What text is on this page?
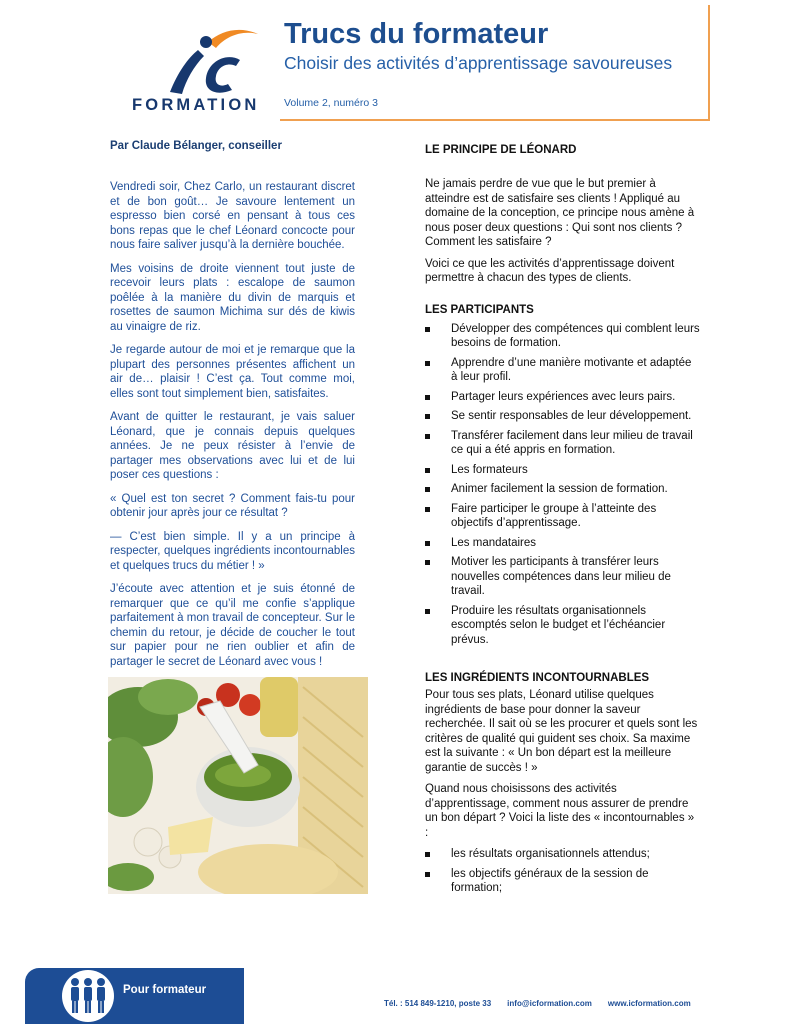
FORMATION
Trucs du formateur
Choisir des activités d’apprentissage savoureuses
Volume 2, numéro 3

Par Claude Bélanger, conseiller

Vendredi soir, Chez Carlo, un restaurant discret et de bon goût… Je savoure lentement un espresso bien corsé en pensant à tous ces bons repas que le chef Léonard concocte pour nous faire saliver jusqu’à la dernière bouchée.

Mes voisins de droite viennent tout juste de recevoir leurs plats : escalope de saumon poêlée à la manière du divin de marquis et rosettes de saumon Michima sur dés de kiwis au vinaigre de riz.

Je regarde autour de moi et je remarque que la plupart des personnes présentes affichent un air de… plaisir ! C’est ça. Tout comme moi, elles sont tout simplement bien, satisfaites.

Avant de quitter le restaurant, je vais saluer Léonard, que je connais depuis quelques années. Je ne peux résister à l’envie de partager mes observations avec lui et de lui poser ces questions :

« Quel est ton secret ? Comment fais-tu pour obtenir jour après jour ce résultat ?

— C’est bien simple. Il y a un principe à respecter, quelques ingrédients incontournables et quelques trucs du métier ! »

J’écoute avec attention et je suis étonné de remarquer que ce qu’il me confie s’applique parfaitement à mon travail de concepteur. Sur le chemin du retour, je décide de coucher le tout sur papier pour ne rien oublier et afin de partager le secret de Léonard avec vous !

LE PRINCIPE DE LÉONARD

Ne jamais perdre de vue que le but premier à atteindre est de satisfaire ses clients ! Appliqué au domaine de la conception, ce principe nous amène à nous poser deux questions : Qui sont nos clients ? Comment les satisfaire ?

Voici ce que les activités d’apprentissage doivent permettre à chacun des types de clients.

LES PARTICIPANTS
Développer des compétences qui comblent leurs besoins de formation.
Apprendre d’une manière motivante et adaptée à leur profil.
Partager leurs expériences avec leurs pairs.
Se sentir responsables de leur développement.
Transférer facilement dans leur milieu de travail ce qui a été appris en formation.
Les formateurs
Animer facilement la session de formation.
Faire participer le groupe à l’atteinte des objectifs d’apprentissage.
Les mandataires
Motiver les participants à transférer leurs nouvelles compétences dans leur milieu de travail.
Produire les résultats organisationnels escomptés selon le budget et l’échéancier prévus.
LES INGRÉDIENTS INCONTOURNABLES

Pour tous ses plats, Léonard utilise quelques ingrédients de base pour donner la saveur recherchée. Il sait où se les procurer et quels sont les critères de qualité qui guident ses choix. Sa maxime est la suivante : « Un bon départ est la meilleure garantie de succès ! »

Quand nous choisissons des activités d’apprentissage, comment nous assurer de prendre un bon départ ? Voici la liste des « incontournables » :

les résultats organisationnels attendus;
les objectifs généraux de la session de formation;
Pour formateur
Tél. : 514 849-1210, poste 33 info@icformation.com www.icformation.com
